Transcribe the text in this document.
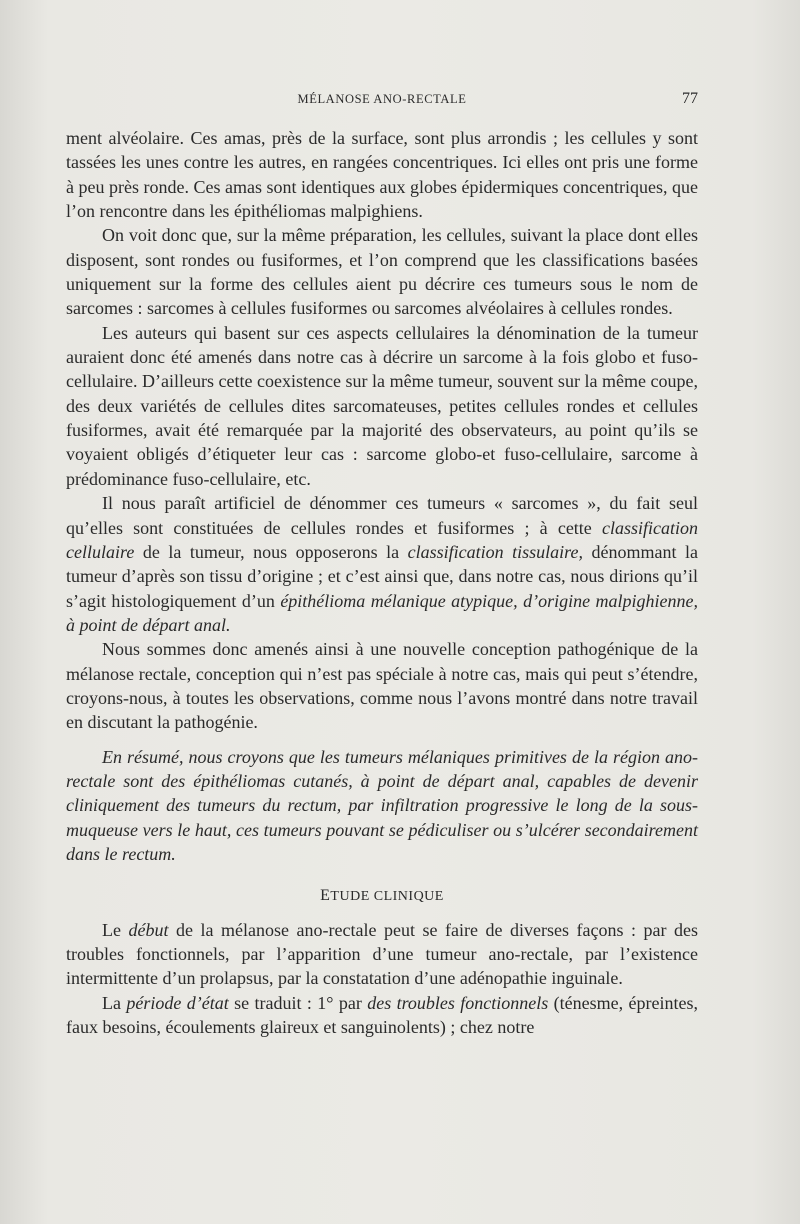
MÉLANOSE ANO-RECTALE	77

ment alvéolaire. Ces amas, près de la surface, sont plus arrondis ; les cellules y sont tassées les unes contre les autres, en rangées concentriques. Ici elles ont pris une forme à peu près ronde. Ces amas sont identiques aux globes épidermiques concentriques, que l’on rencontre dans les épithéliomas malpighiens.

On voit donc que, sur la même préparation, les cellules, suivant la place dont elles disposent, sont rondes ou fusiformes, et l’on comprend que les classifications basées uniquement sur la forme des cellules aient pu décrire ces tumeurs sous le nom de sarcomes : sarcomes à cellules fusiformes ou sarcomes alvéolaires à cellules rondes.

Les auteurs qui basent sur ces aspects cellulaires la dénomination de la tumeur auraient donc été amenés dans notre cas à décrire un sarcome à la fois globo et fuso-cellulaire. D’ailleurs cette coexistence sur la même tumeur, souvent sur la même coupe, des deux variétés de cellules dites sarcomateuses, petites cellules rondes et cellules fusiformes, avait été remarquée par la majorité des observateurs, au point qu’ils se voyaient obligés d’étiqueter leur cas : sarcome globo-et fuso-cellulaire, sarcome à prédominance fuso-cellulaire, etc.

Il nous paraît artificiel de dénommer ces tumeurs « sarcomes », du fait seul qu’elles sont constituées de cellules rondes et fusiformes ; à cette classification cellulaire de la tumeur, nous opposerons la classification tissulaire, dénommant la tumeur d’après son tissu d’origine ; et c’est ainsi que, dans notre cas, nous dirions qu’il s’agit histologiquement d’un épithélioma mélanique atypique, d’origine malpighienne, à point de départ anal.

Nous sommes donc amenés ainsi à une nouvelle conception pathogénique de la mélanose rectale, conception qui n’est pas spéciale à notre cas, mais qui peut s’étendre, croyons-nous, à toutes les observations, comme nous l’avons montré dans notre travail en discutant la pathogénie.

En résumé, nous croyons que les tumeurs mélaniques primitives de la région ano-rectale sont des épithéliomas cutanés, à point de départ anal, capables de devenir cliniquement des tumeurs du rectum, par infiltration progressive le long de la sous-muqueuse vers le haut, ces tumeurs pouvant se pédiculiser ou s’ulcérer secondairement dans le rectum.

ETUDE CLINIQUE

Le début de la mélanose ano-rectale peut se faire de diverses façons : par des troubles fonctionnels, par l’apparition d’une tumeur ano-rectale, par l’existence intermittente d’un prolapsus, par la constatation d’une adénopathie inguinale.

La période d’état se traduit : 1° par des troubles fonctionnels (ténesme, épreintes, faux besoins, écoulements glaireux et sanguinolents) ; chez notre
